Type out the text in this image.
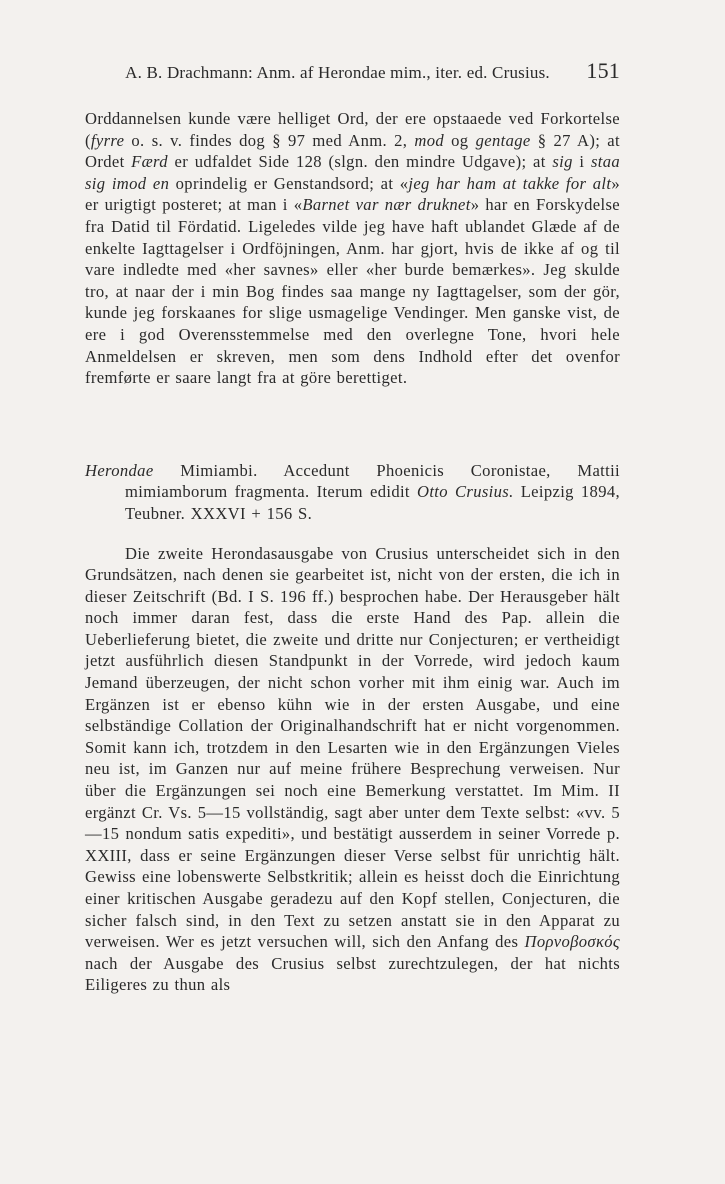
A. B. Drachmann: Anm. af Herondae mim., iter. ed. Crusius.	151

Orddannelsen kunde være helliget Ord, der ere opstaaede ved Forkortelse (fyrre o. s. v. findes dog § 97 med Anm. 2, mod og gentage § 27 A); at Ordet Færd er udfaldet Side 128 (slgn. den mindre Udgave); at sig i staa sig imod en oprindelig er Genstandsord; at «jeg har ham at takke for alt» er urigtigt posteret; at man i «Barnet var nær druknet» har en Forskydelse fra Datid til Fördatid. Ligeledes vilde jeg have haft ublandet Glæde af de enkelte Iagttagelser i Ordföjningen, Anm. har gjort, hvis de ikke af og til vare indledte med «her savnes» eller «her burde bemærkes». Jeg skulde tro, at naar der i min Bog findes saa mange ny Iagttagelser, som der gör, kunde jeg forskaanes for slige usmagelige Vendinger. Men ganske vist, de ere i god Overensstemmelse med den overlegne Tone, hvori hele Anmeldelsen er skreven, men som dens Indhold efter det ovenfor fremførte er saare langt fra at göre berettiget.

Herondae Mimiambi. Accedunt Phoenicis Coronistae, Mattii mimiamborum fragmenta. Iterum edidit Otto Crusius. Leipzig 1894, Teubner. XXXVI + 156 S.

Die zweite Herondasausgabe von Crusius unterscheidet sich in den Grundsätzen, nach denen sie gearbeitet ist, nicht von der ersten, die ich in dieser Zeitschrift (Bd. I S. 196 ff.) besprochen habe. Der Herausgeber hält noch immer daran fest, dass die erste Hand des Pap. allein die Ueberlieferung bietet, die zweite und dritte nur Conjecturen; er vertheidigt jetzt ausführlich diesen Standpunkt in der Vorrede, wird jedoch kaum Jemand überzeugen, der nicht schon vorher mit ihm einig war. Auch im Ergänzen ist er ebenso kühn wie in der ersten Ausgabe, und eine selbständige Collation der Originalhandschrift hat er nicht vorgenommen. Somit kann ich, trotzdem in den Lesarten wie in den Ergänzungen Vieles neu ist, im Ganzen nur auf meine frühere Besprechung verweisen. Nur über die Ergänzungen sei noch eine Bemerkung verstattet. Im Mim. II ergänzt Cr. Vs. 5—15 vollständig, sagt aber unter dem Texte selbst: «vv. 5—15 nondum satis expediti», und bestätigt ausserdem in seiner Vorrede p. XXIII, dass er seine Ergänzungen dieser Verse selbst für unrichtig hält. Gewiss eine lobenswerte Selbstkritik; allein es heisst doch die Einrichtung einer kritischen Ausgabe geradezu auf den Kopf stellen, Conjecturen, die sicher falsch sind, in den Text zu setzen anstatt sie in den Apparat zu verweisen. Wer es jetzt versuchen will, sich den Anfang des Πορνοβοσκός nach der Ausgabe des Crusius selbst zurechtzulegen, der hat nichts Eiligeres zu thun als
